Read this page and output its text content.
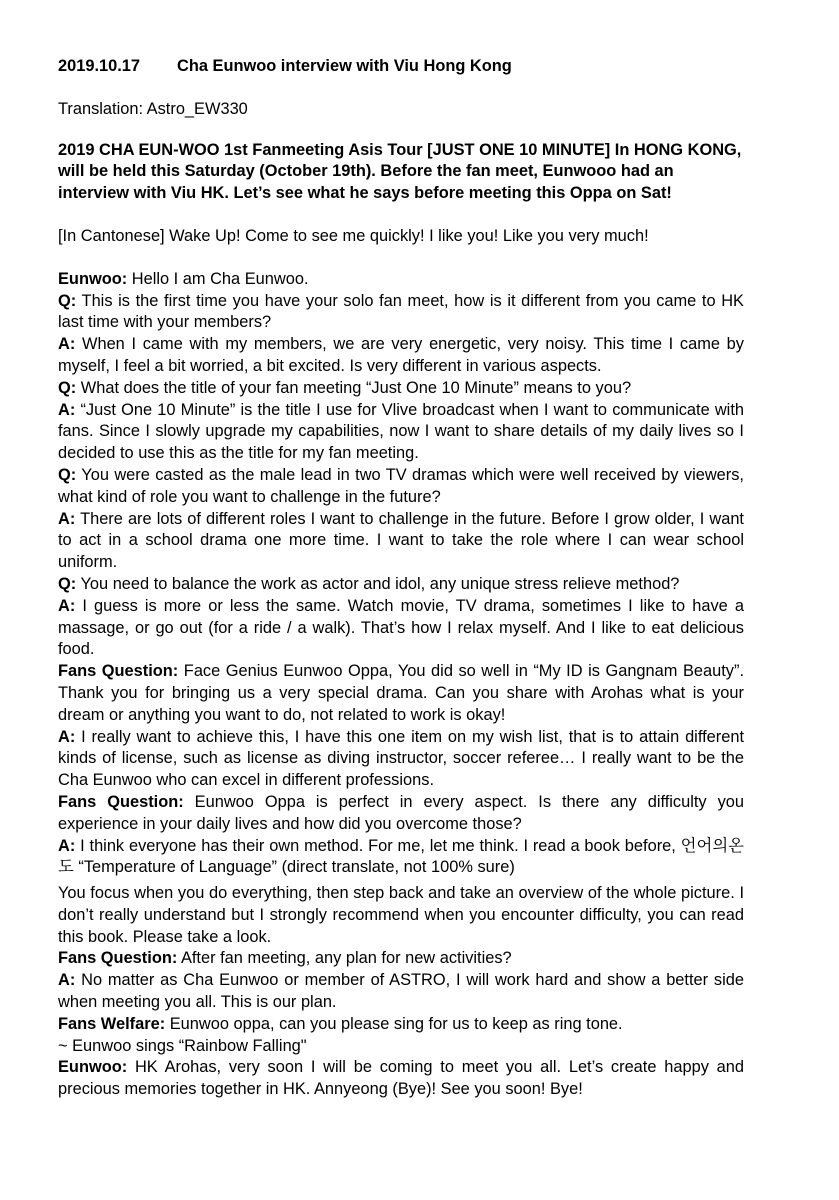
2019.10.17 Cha Eunwoo interview with Viu Hong Kong

Translation: Astro_EW330

2019 CHA EUN-WOO 1st Fanmeeting Asis Tour [JUST ONE 10 MINUTE] In HONG KONG, will be held this Saturday (October 19th). Before the fan meet, Eunwooo had an interview with Viu HK. Let’s see what he says before meeting this Oppa on Sat!

[In Cantonese] Wake Up! Come to see me quickly! I like you! Like you very much!

Eunwoo: Hello I am Cha Eunwoo.

Q: This is the first time you have your solo fan meet, how is it different from you came to HK last time with your members?

A: When I came with my members, we are very energetic, very noisy. This time I came by myself, I feel a bit worried, a bit excited. Is very different in various aspects.

Q: What does the title of your fan meeting “Just One 10 Minute” means to you?

A: “Just One 10 Minute” is the title I use for Vlive broadcast when I want to communicate with fans. Since I slowly upgrade my capabilities, now I want to share details of my daily lives so I decided to use this as the title for my fan meeting.

Q: You were casted as the male lead in two TV dramas which were well received by viewers, what kind of role you want to challenge in the future?

A: There are lots of different roles I want to challenge in the future. Before I grow older, I want to act in a school drama one more time. I want to take the role where I can wear school uniform.

Q: You need to balance the work as actor and idol, any unique stress relieve method?

A: I guess is more or less the same. Watch movie, TV drama, sometimes I like to have a massage, or go out (for a ride / a walk). That’s how I relax myself. And I like to eat delicious food.

Fans Question: Face Genius Eunwoo Oppa, You did so well in “My ID is Gangnam Beauty”. Thank you for bringing us a very special drama. Can you share with Arohas what is your dream or anything you want to do, not related to work is okay!

A: I really want to achieve this, I have this one item on my wish list, that is to attain different kinds of license, such as license as diving instructor, soccer referee… I really want to be the Cha Eunwoo who can excel in different professions.

Fans Question: Eunwoo Oppa is perfect in every aspect. Is there any difficulty you experience in your daily lives and how did you overcome those?

A: I think everyone has their own method. For me, let me think. I read a book before, 언어의온도 “Temperature of Language” (direct translate, not 100% sure)

You focus when you do everything, then step back and take an overview of the whole picture. I don’t really understand but I strongly recommend when you encounter difficulty, you can read this book. Please take a look.

Fans Question: After fan meeting, any plan for new activities?

A: No matter as Cha Eunwoo or member of ASTRO, I will work hard and show a better side when meeting you all. This is our plan.

Fans Welfare: Eunwoo oppa, can you please sing for us to keep as ring tone.

~ Eunwoo sings “Rainbow Falling"

Eunwoo: HK Arohas, very soon I will be coming to meet you all. Let’s create happy and precious memories together in HK. Annyeong (Bye)! See you soon! Bye!
